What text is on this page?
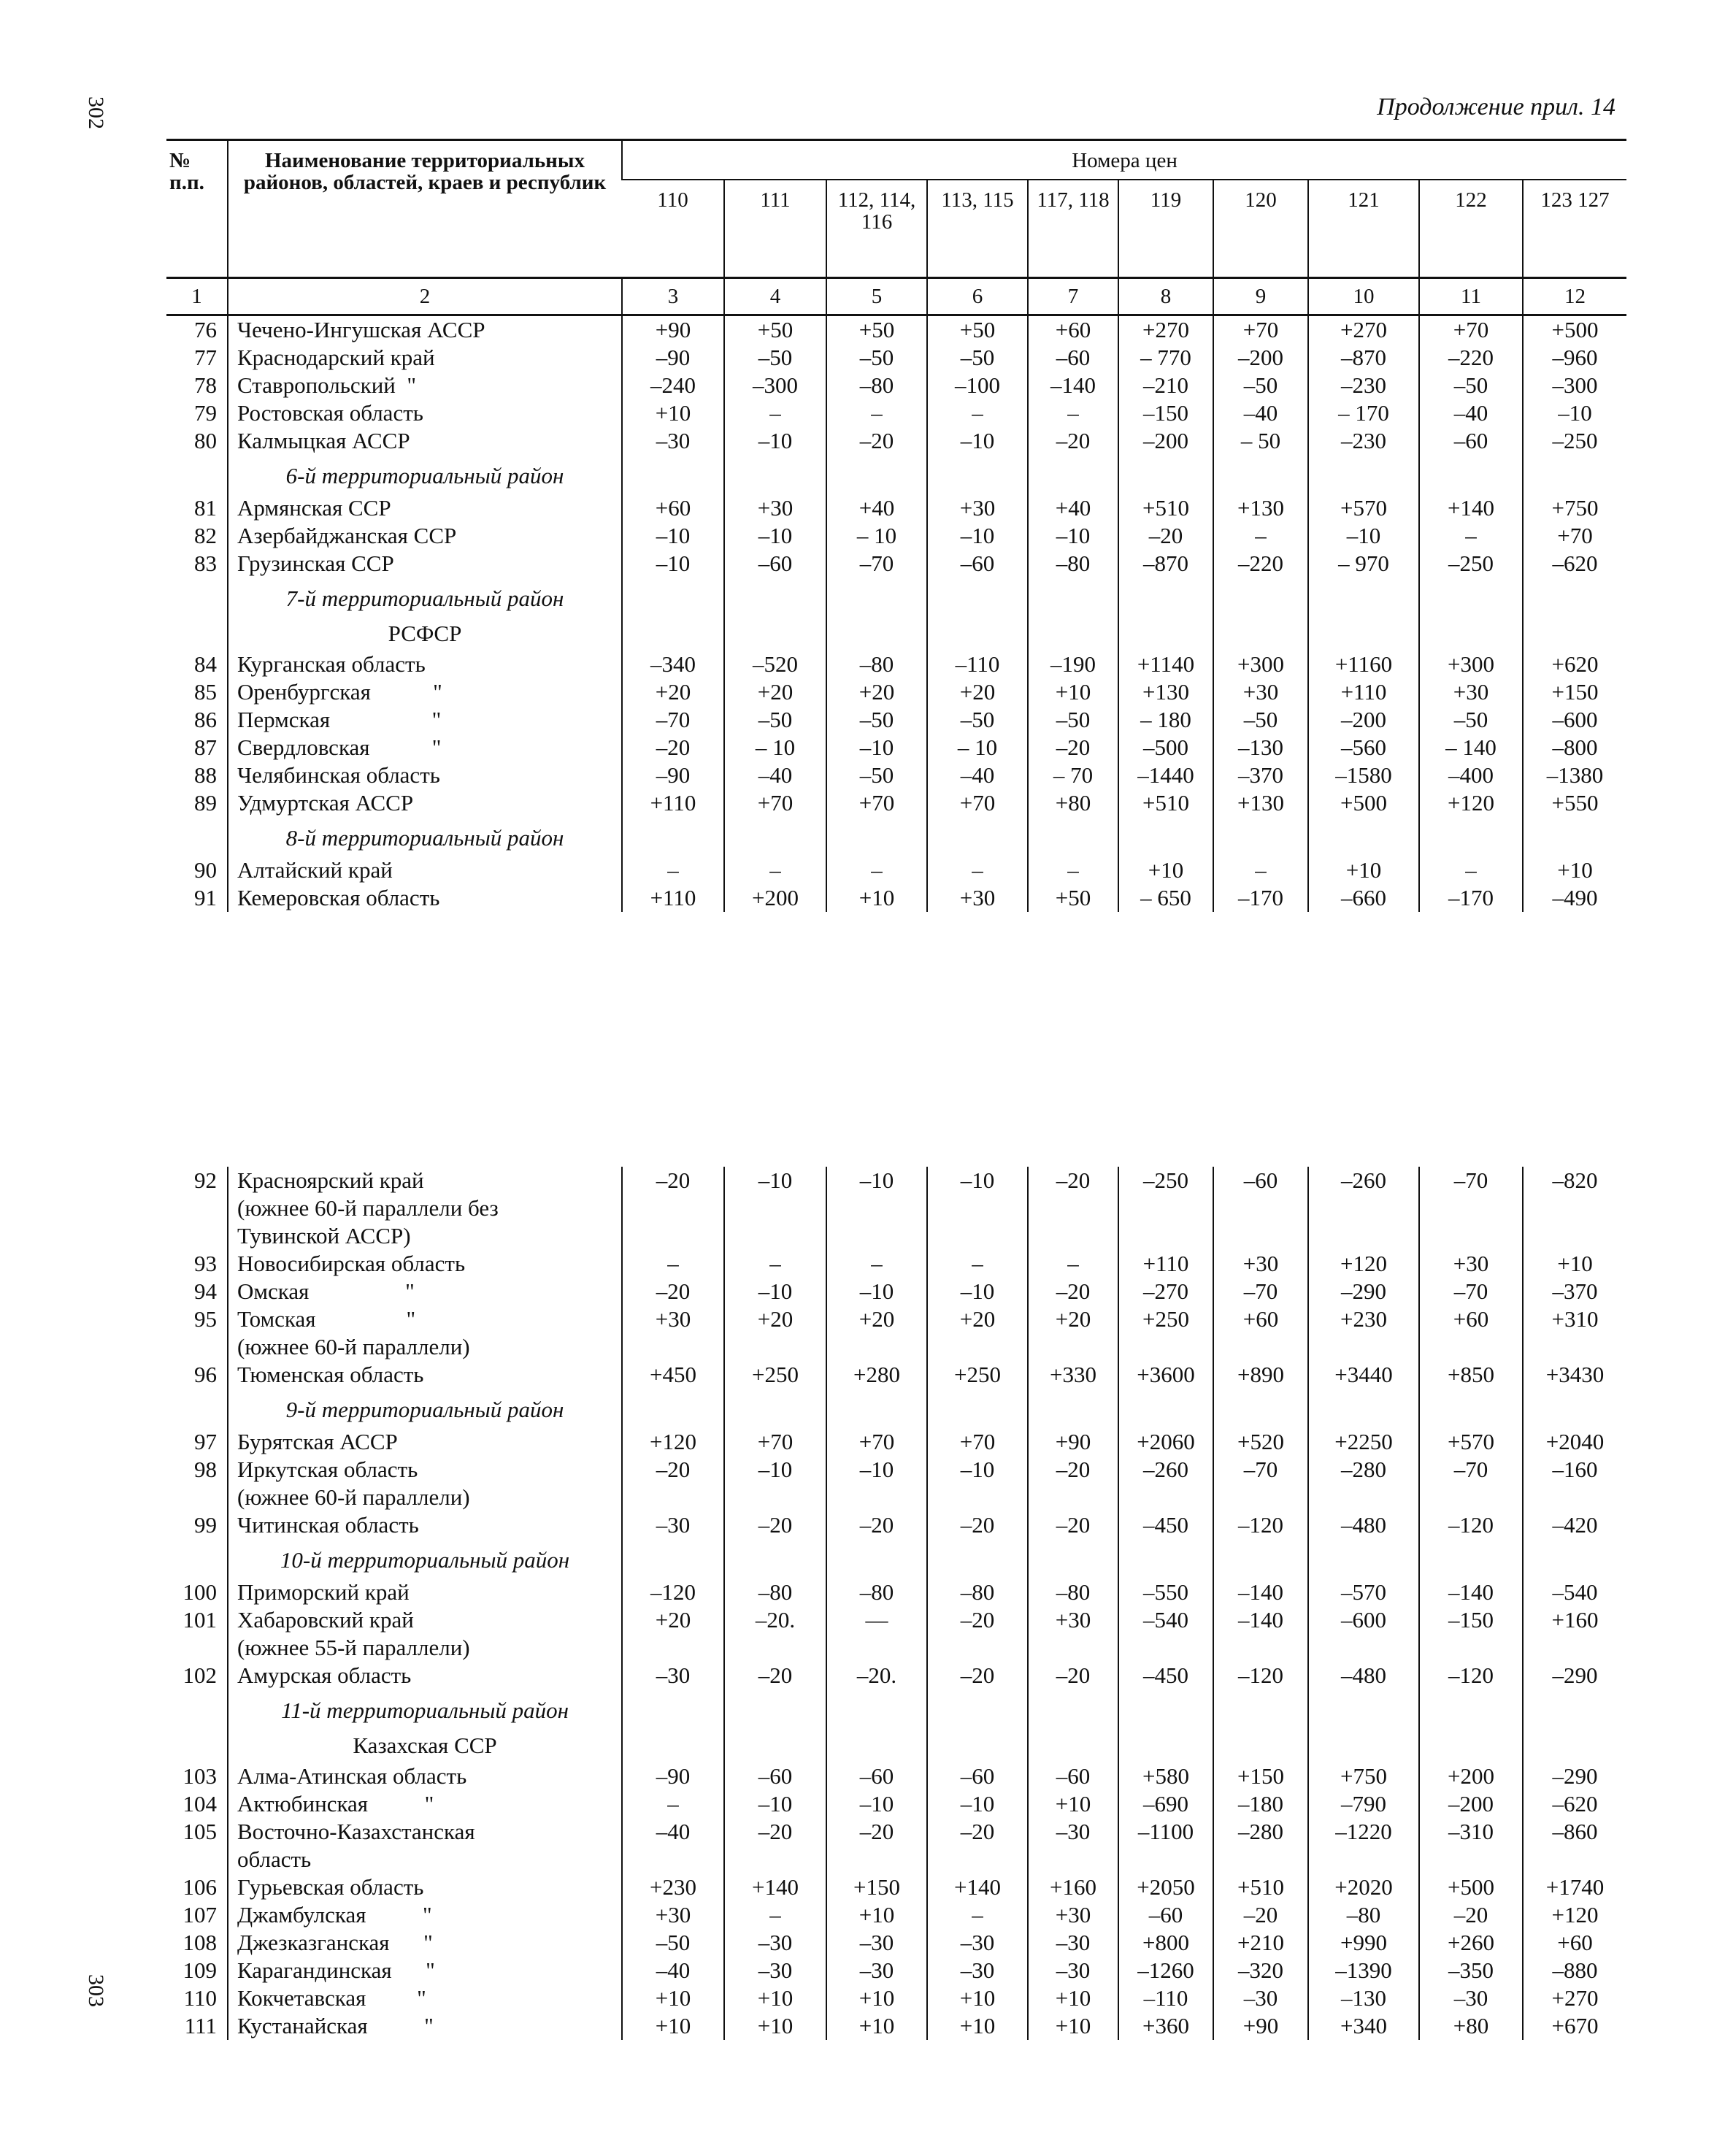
302
303
Продолжение прил. 14
№
п.п.	Наименование территориальных районов, областей, краев и республик	Номера цен									
		110	111	112, 114, 116	113, 115	117, 118	119	120	121	122	123 127
1	2	3	4	5	6	7	8	9	10	11	12
76	Чечено-Ингушская АССР	+90	+50	+50	+50	+60	+270	+70	+270	+70	+500
77	Краснодарский край	–90	–50	–50	–50	–60	– 770	–200	–870	–220	–960
78	Ставропольский  "	–240	–300	–80	–100	–140	–210	–50	–230	–50	–300
79	Ростовская область	+10	–	–	–	–	–150	–40	– 170	–40	–10
80	Калмыцкая АССР	–30	–10	–20	–10	–20	–200	– 50	–230	–60	–250
	6-й территориальный район										
81	Армянская ССР	+60	+30	+40	+30	+40	+510	+130	+570	+140	+750
82	Азербайджанская ССР	–10	–10	– 10	–10	–10	–20	–	–10	–	+70
83	Грузинская ССР	–10	–60	–70	–60	–80	–870	–220	– 970	–250	–620
	7-й территориальный район										
	РСФСР										
84	Курганская область	–340	–520	–80	–110	–190	+1140	+300	+1160	+300	+620
85	Оренбургская           "	+20	+20	+20	+20	+10	+130	+30	+110	+30	+150
86	Пермская                  "	–70	–50	–50	–50	–50	– 180	–50	–200	–50	–600
87	Свердловская           "	–20	– 10	–10	– 10	–20	–500	–130	–560	– 140	–800
88	Челябинская область	–90	–40	–50	–40	– 70	–1440	–370	–1580	–400	–1380
89	Удмуртская АССР	+110	+70	+70	+70	+80	+510	+130	+500	+120	+550
	8-й территориальный район										
90	Алтайский край	–	–	–	–	–	+10	–	+10	–	+10
91	Кемеровская область	+110	+200	+10	+30	+50	– 650	–170	–660	–170	–490
92	Красноярский край	–20	–10	–10	–10	–20	–250	–60	–260	–70	–820
	(южнее 60-й параллели без										
	Тувинской АССР)										
93	Новосибирская область	–	–	–	–	–	+110	+30	+120	+30	+10
94	Омская                 "	–20	–10	–10	–10	–20	–270	–70	–290	–70	–370
95	Томская                "	+30	+20	+20	+20	+20	+250	+60	+230	+60	+310
	(южнее 60-й параллели)										
96	Тюменская область	+450	+250	+280	+250	+330	+3600	+890	+3440	+850	+3430
	9-й территориальный район										
97	Бурятская АССР	+120	+70	+70	+70	+90	+2060	+520	+2250	+570	+2040
98	Иркутская область	–20	–10	–10	–10	–20	–260	–70	–280	–70	–160
	(южнее 60-й параллели)										
99	Читинская область	–30	–20	–20	–20	–20	–450	–120	–480	–120	–420
	10-й территориальный район										
100	Приморский край	–120	–80	–80	–80	–80	–550	–140	–570	–140	–540
101	Хабаровский край	+20	–20.	—	–20	+30	–540	–140	–600	–150	+160
	(южнее 55-й параллели)										
102	Амурская область	–30	–20	–20.	–20	–20	–450	–120	–480	–120	–290
	11-й территориальный район										
	Казахская ССР										
103	Алма-Атинская область	–90	–60	–60	–60	–60	+580	+150	+750	+200	–290
104	Актюбинская          "	–	–10	–10	–10	+10	–690	–180	–790	–200	–620
105	Восточно-Казахстанская	–40	–20	–20	–20	–30	–1100	–280	–1220	–310	–860
	область										
106	Гурьевская область	+230	+140	+150	+140	+160	+2050	+510	+2020	+500	+1740
107	Джамбулская          "	+30	–	+10	–	+30	–60	–20	–80	–20	+120
108	Джезказганская      "	–50	–30	–30	–30	–30	+800	+210	+990	+260	+60
109	Карагандинская      "	–40	–30	–30	–30	–30	–1260	–320	–1390	–350	–880
110	Кокчетавская         "	+10	+10	+10	+10	+10	–110	–30	–130	–30	+270
111	Кустанайская          "	+10	+10	+10	+10	+10	+360	+90	+340	+80	+670
